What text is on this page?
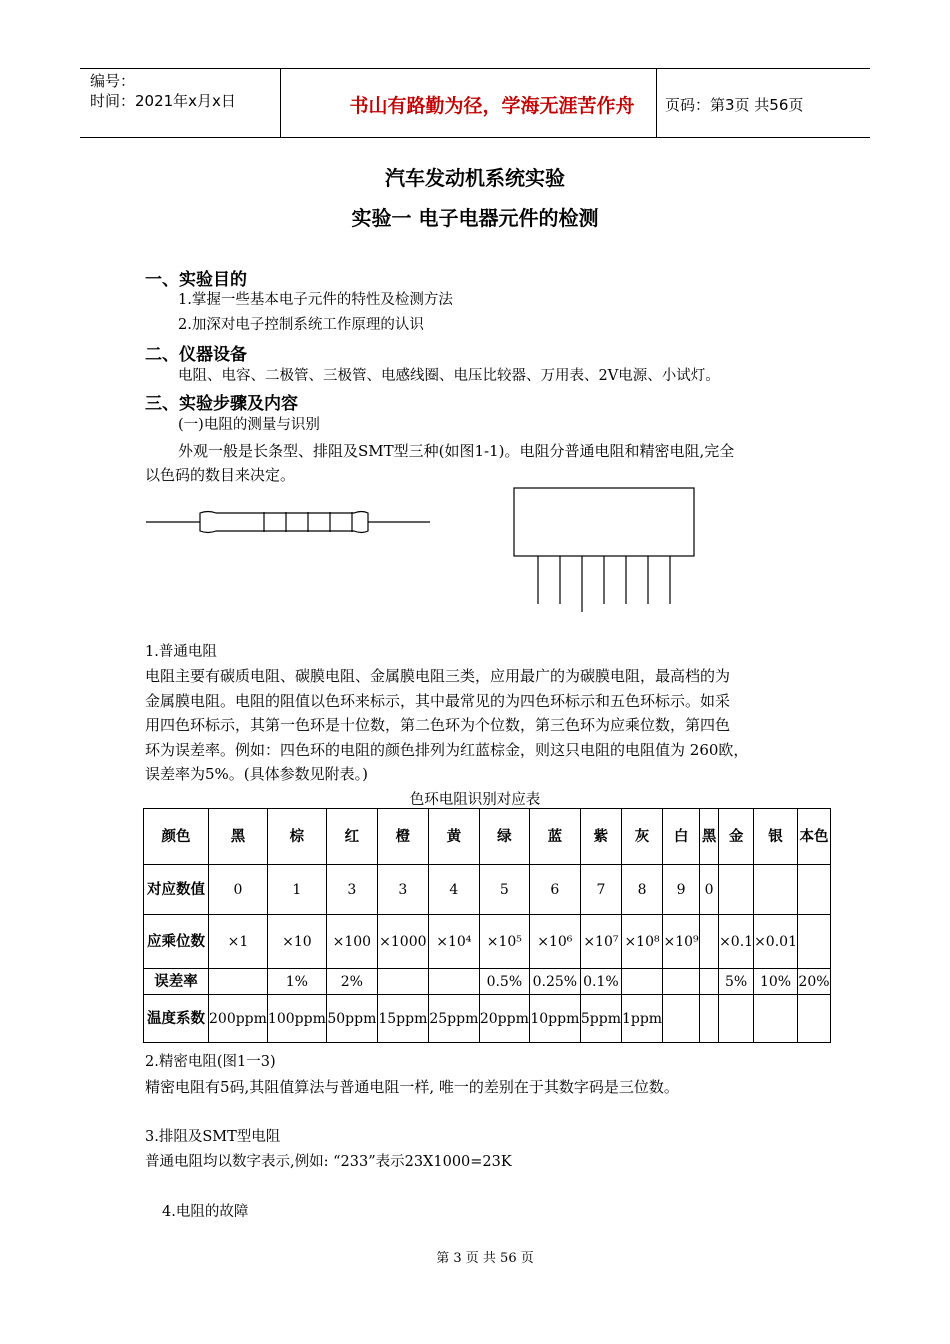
编号：
时间：2021年x月x日	书山有路勤为径，学海无涯苦作舟	页码：第3页 共56页
汽车发动机系统实验
实验一 电子电器元件的检测
一、实验目的
1.掌握一些基本电子元件的特性及检测方法
2.加深对电子控制系统工作原理的认识
二、仪器设备
电阻、电容、二极管、三极管、电感线圈、电压比较器、万用表、2V电源、小试灯。
三、实验步骤及内容
(一)电阻的测量与识别
外观一般是长条型、排阻及SMT型三种(如图1-1)。电阻分普通电阻和精密电阻,完全
以色码的数目来决定。
1.普通电阻
电阻主要有碳质电阻、碳膜电阻、金属膜电阻三类，应用最广的为碳膜电阻，最高档的为
金属膜电阻。电阻的阻值以色环来标示，其中最常见的为四色环标示和五色环标示。如采
用四色环标示，其第一色环是十位数，第二色环为个位数，第三色环为应乘位数，第四色
环为误差率。例如：四色环的电阻的颜色排列为红蓝棕金，则这只电阻的电阻值为 260欧，
误差率为5%。(具体参数见附表。)
色环电阻识别对应表
颜色	黑	棕	红	橙	黄	绿	蓝	紫	灰	白	黑	金	银	本色
对应数值	0	1	3	3	4	5	6	7	8	9	0			
应乘位数	×1	×10	×100	×1000	×10⁴	×10⁵	×10⁶	×10⁷	×10⁸	×10⁹		×0.1	×0.01	
误差率		1%	2%			0.5%	0.25%	0.1%				5%	10%	20%
温度系数	200ppm	100ppm	50ppm	15ppm	25ppm	20ppm	10ppm	5ppm	1ppm					
2.精密电阻(图1一3)
精密电阻有5码,其阻值算法与普通电阻一样, 唯一的差别在于其数字码是三位数。
3.排阻及SMT型电阻
普通电阻均以数字表示,例如: “233”表示23X1000=23K
4.电阻的故障
第 3 页 共 56 页
